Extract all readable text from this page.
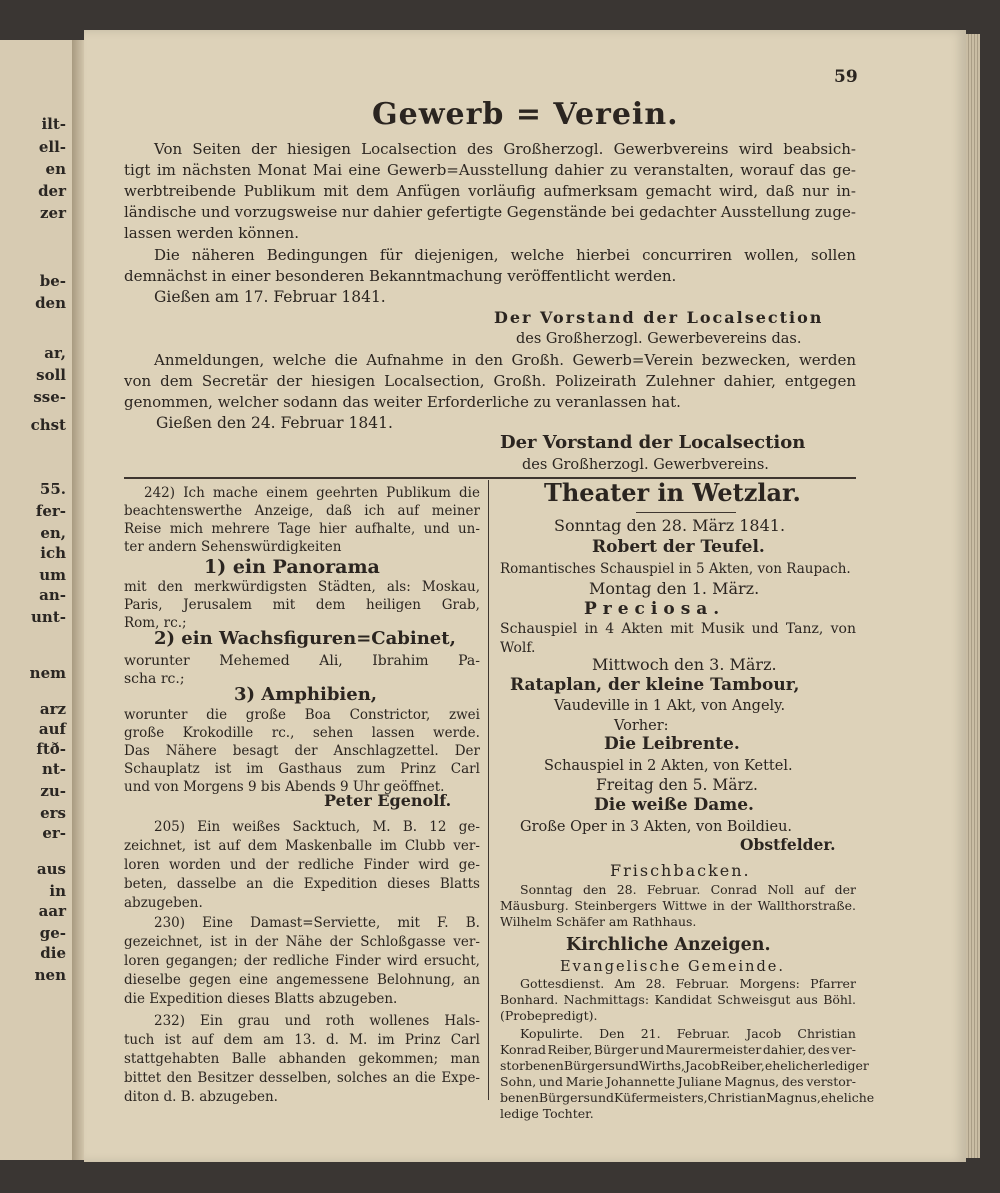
ilt-
ell-
en
der
zer
be-
den
ar,
soll
sse-
chst
55.
fer-
en,
ich
um
an-
unt-
nem
arz
auf
ftð-
nt-
zu-
ers
er-
aus
in
aar
ge-
die
nen
59
Gewerb = Verein.
Von Seiten der hiesigen Localsection des Großherzogl. Gewerbvereins wird beabsich-
tigt im nächsten Monat Mai eine Gewerb=Ausstellung dahier zu veranstalten, worauf das ge-
werbtreibende Publikum mit dem Anfügen vorläufig aufmerksam gemacht wird, daß nur in-
ländische und vorzugsweise nur dahier gefertigte Gegenstände bei gedachter Ausstellung zuge-
lassen werden können.
Die näheren Bedingungen für diejenigen, welche hierbei concurriren wollen, sollen
demnächst in einer besonderen Bekanntmachung veröffentlicht werden.
Gießen am 17. Februar 1841.
Der Vorstand der Localsection
des Großherzogl. Gewerbevereins das.
Anmeldungen, welche die Aufnahme in den Großh. Gewerb=Verein bezwecken, werden
von dem Secretär der hiesigen Localsection, Großh. Polizeirath Zulehner dahier, entgegen
genommen, welcher sodann das weiter Erforderliche zu veranlassen hat.
Gießen den 24. Februar 1841.
Der Vorstand der Localsection
des Großherzogl. Gewerbvereins.
242) Ich mache einem geehrten Publikum die
beachtenswerthe Anzeige, daß ich auf meiner
Reise mich mehrere Tage hier aufhalte, und un-
ter andern Sehenswürdigkeiten
1) ein Panorama
mit den merkwürdigsten Städten, als: Moskau,
Paris, Jerusalem mit dem heiligen Grab,
Rom, rc.;
2) ein Wachsfiguren=Cabinet,
worunter Mehemed Ali, Ibrahim Pa-
scha rc.;
3) Amphibien,
worunter die große Boa Constrictor, zwei
große Krokodille rc., sehen lassen werde.
Das Nähere besagt der Anschlagzettel. Der
Schauplatz ist im Gasthaus zum Prinz Carl
und von Morgens 9 bis Abends 9 Uhr geöffnet.
Peter Egenolf.
205) Ein weißes Sacktuch, M. B. 12 ge-
zeichnet, ist auf dem Maskenballe im Clubb ver-
loren worden und der redliche Finder wird ge-
beten, dasselbe an die Expedition dieses Blatts
abzugeben.
230) Eine Damast=Serviette, mit F. B.
gezeichnet, ist in der Nähe der Schloßgasse ver-
loren gegangen; der redliche Finder wird ersucht,
dieselbe gegen eine angemessene Belohnung, an
die Expedition dieses Blatts abzugeben.
232) Ein grau und roth wollenes Hals-
tuch ist auf dem am 13. d. M. im Prinz Carl
stattgehabten Balle abhanden gekommen; man
bittet den Besitzer desselben, solches an die Expe-
diton d. B. abzugeben.
Theater in Wetzlar.
Sonntag den 28. März 1841.
Robert der Teufel.
Romantisches Schauspiel in 5 Akten, von Raupach.
Montag den 1. März.
Preciosa.
Schauspiel in 4 Akten mit Musik und Tanz, von
Wolf.
Mittwoch den 3. März.
Rataplan, der kleine Tambour,
Vaudeville in 1 Akt, von Angely.
Vorher:
Die Leibrente.
Schauspiel in 2 Akten, von Kettel.
Freitag den 5. März.
Die weiße Dame.
Große Oper in 3 Akten, von Boildieu.
Obstfelder.
Frischbacken.
Sonntag den 28. Februar. Conrad Noll auf der
Mäusburg. Steinbergers Wittwe in der Wallthorstraße.
Wilhelm Schäfer am Rathhaus.
Kirchliche Anzeigen.
Evangelische Gemeinde.
Gottesdienst. Am 28. Februar. Morgens: Pfarrer
Bonhard. Nachmittags: Kandidat Schweisgut aus Böhl.
(Probepredigt).
Kopulirte. Den 21. Februar. Jacob Christian
Konrad Reiber, Bürger und Maurermeister dahier, des ver-
storbenen Bürgers und Wirths, Jacob Reiber, ehelicher lediger
Sohn, und Marie Johannette Juliane Magnus, des verstor-
benen Bürgers und Küfermeisters, Christian Magnus, eheliche
ledige Tochter.
